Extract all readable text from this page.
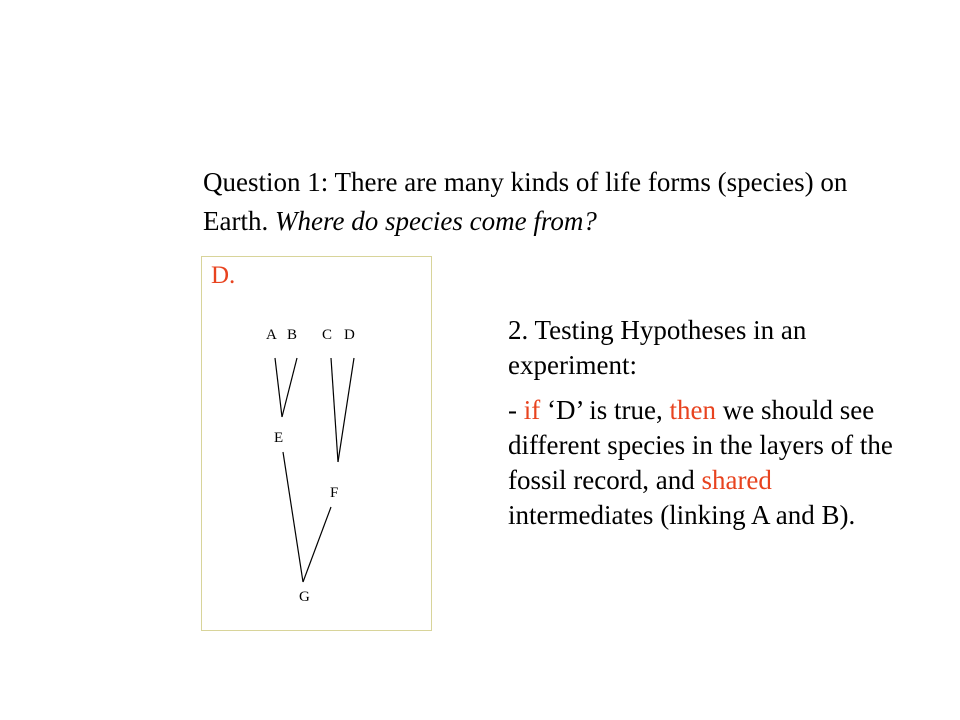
Question 1: There are many kinds of life forms (species) on Earth. Where do species come from?

D.
A B C D
E
F
G

2. Testing Hypotheses in an experiment:

- if ‘D’ is true, then we should see different species in the layers of the fossil record, and shared intermediates (linking A and B).
